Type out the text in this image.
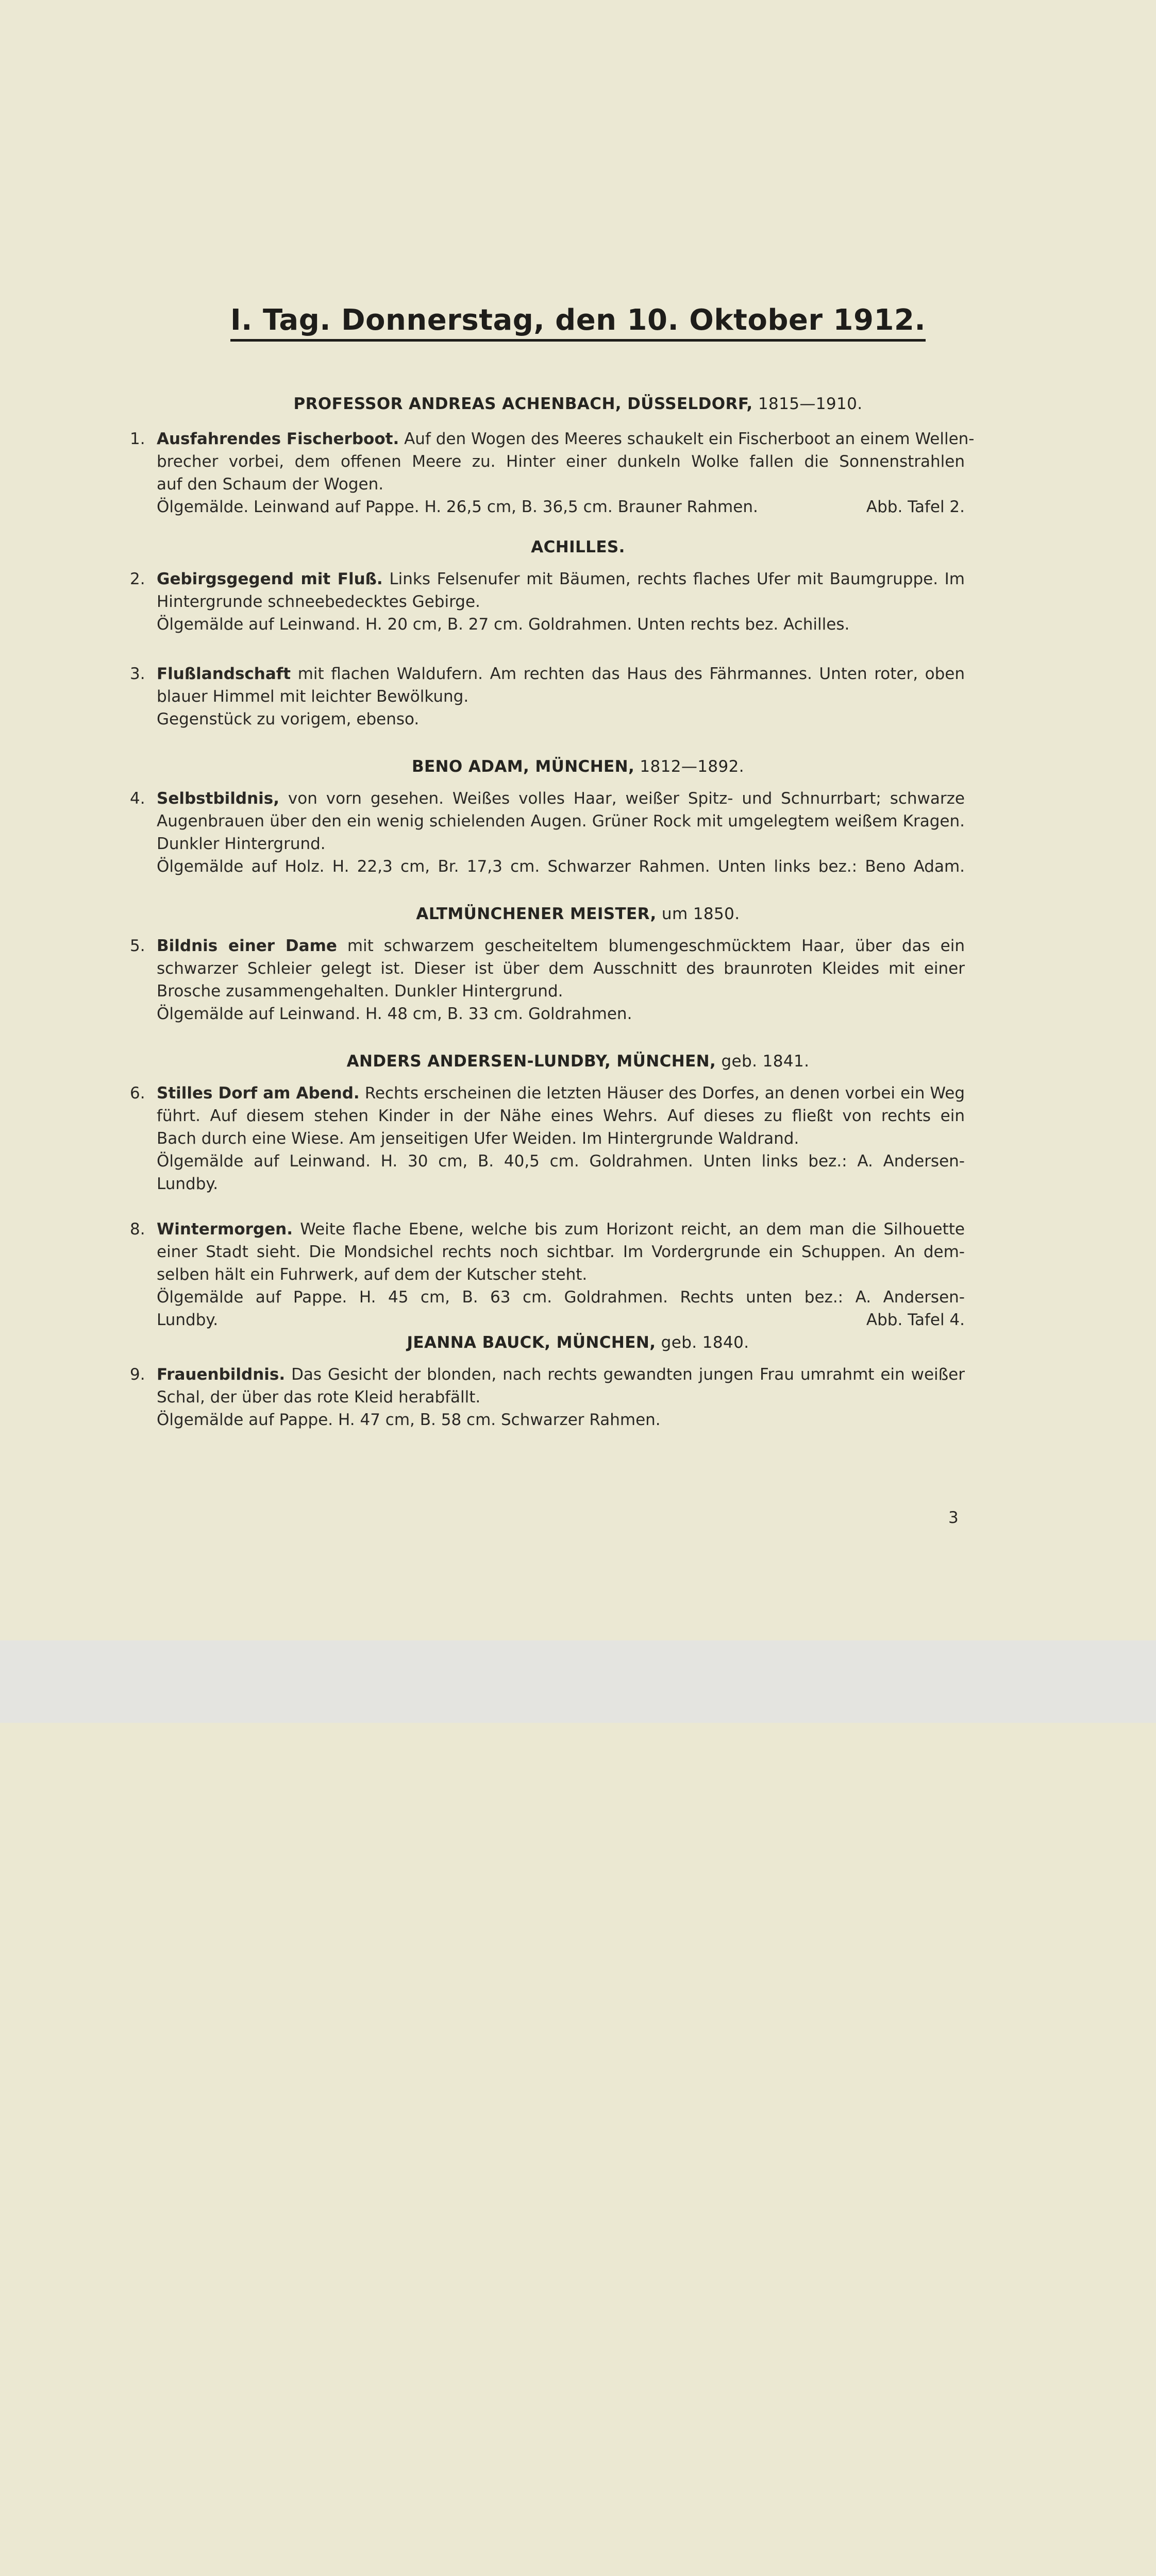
I. Tag. Donnerstag, den 10. Oktober 1912.
PROFESSOR ANDREAS ACHENBACH, DÜSSELDORF, 1815—1910.
1. Ausfahrendes Fischerboot. Auf den Wogen des Meeres schaukelt ein Fischerboot an einem Wellen-
brecher vorbei, dem offenen Meere zu. Hinter einer dunkeln Wolke fallen die Sonnenstrahlen
auf den Schaum der Wogen.
Ölgemälde. Leinwand auf Pappe. H. 26,5 cm, B. 36,5 cm. Brauner Rahmen.	Abb. Tafel 2.
ACHILLES.
2. Gebirgsgegend mit Fluß. Links Felsenufer mit Bäumen, rechts flaches Ufer mit Baumgruppe. Im
Hintergrunde schneebedecktes Gebirge.
Ölgemälde auf Leinwand. H. 20 cm, B. 27 cm. Goldrahmen. Unten rechts bez. Achilles.
3. Flußlandschaft mit flachen Waldufern. Am rechten das Haus des Fährmannes. Unten roter, oben
blauer Himmel mit leichter Bewölkung.
Gegenstück zu vorigem, ebenso.
BENO ADAM, MÜNCHEN, 1812—1892.
4. Selbstbildnis, von vorn gesehen. Weißes volles Haar, weißer Spitz- und Schnurrbart; schwarze
Augenbrauen über den ein wenig schielenden Augen. Grüner Rock mit umgelegtem weißem Kragen.
Dunkler Hintergrund.
Ölgemälde auf Holz. H. 22,3 cm, Br. 17,3 cm. Schwarzer Rahmen. Unten links bez.: Beno Adam.
ALTMÜNCHENER MEISTER, um 1850.
5. Bildnis einer Dame mit schwarzem gescheiteltem blumengeschmücktem Haar, über das ein
schwarzer Schleier gelegt ist. Dieser ist über dem Ausschnitt des braunroten Kleides mit einer
Brosche zusammengehalten. Dunkler Hintergrund.
Ölgemälde auf Leinwand. H. 48 cm, B. 33 cm. Goldrahmen.
ANDERS ANDERSEN-LUNDBY, MÜNCHEN, geb. 1841.
6. Stilles Dorf am Abend. Rechts erscheinen die letzten Häuser des Dorfes, an denen vorbei ein Weg
führt. Auf diesem stehen Kinder in der Nähe eines Wehrs. Auf dieses zu fließt von rechts ein
Bach durch eine Wiese. Am jenseitigen Ufer Weiden. Im Hintergrunde Waldrand.
Ölgemälde auf Leinwand. H. 30 cm, B. 40,5 cm. Goldrahmen. Unten links bez.: A. Andersen-
Lundby.
8. Wintermorgen. Weite flache Ebene, welche bis zum Horizont reicht, an dem man die Silhouette
einer Stadt sieht. Die Mondsichel rechts noch sichtbar. Im Vordergrunde ein Schuppen. An dem-
selben hält ein Fuhrwerk, auf dem der Kutscher steht.
Ölgemälde auf Pappe. H. 45 cm, B. 63 cm. Goldrahmen. Rechts unten bez.: A. Andersen-
Lundby.	Abb. Tafel 4.
JEANNA BAUCK, MÜNCHEN, geb. 1840.
9. Frauenbildnis. Das Gesicht der blonden, nach rechts gewandten jungen Frau umrahmt ein weißer
Schal, der über das rote Kleid herabfällt.
Ölgemälde auf Pappe. H. 47 cm, B. 58 cm. Schwarzer Rahmen.
3
